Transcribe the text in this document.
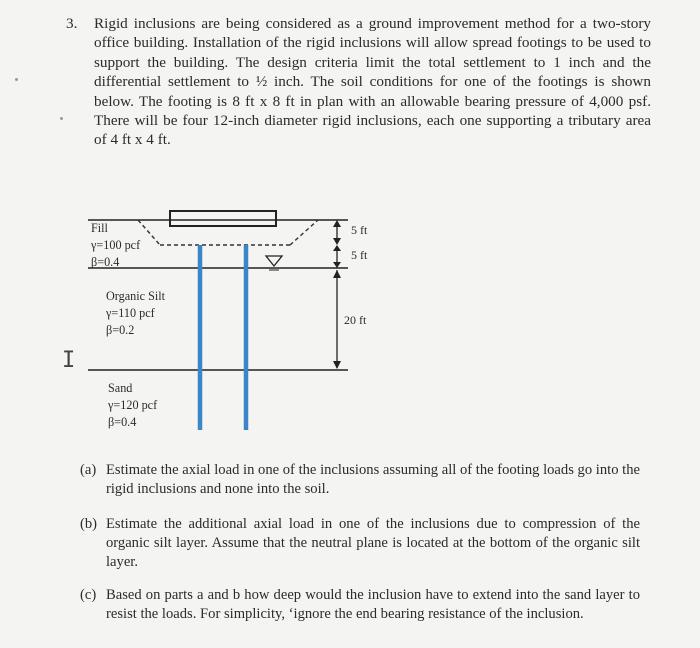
3. Rigid inclusions are being considered as a ground improvement method for a two-story office building. Installation of the rigid inclusions will allow spread footings to be used to support the building. The design criteria limit the total settlement to 1 inch and the differential settlement to ½ inch. The soil conditions for one of the footings is shown below. The footing is 8 ft x 8 ft in plan with an allowable bearing pressure of 4,000 psf. There will be four 12-inch diameter rigid inclusions, each one supporting a tributary area of 4 ft x 4 ft.
Fill
γ=100 pcf
β=0.4
Organic Silt
γ=110 pcf
β=0.2
Sand
γ=120 pcf
β=0.4
5 ft
5 ft
20 ft
I
(a) Estimate the axial load in one of the inclusions assuming all of the footing loads go into the rigid inclusions and none into the soil.
(b) Estimate the additional axial load in one of the inclusions due to compression of the organic silt layer. Assume that the neutral plane is located at the bottom of the organic silt layer.
(c) Based on parts a and b how deep would the inclusion have to extend into the sand layer to resist the loads. For simplicity, ‘ignore the end bearing resistance of the inclusion.
